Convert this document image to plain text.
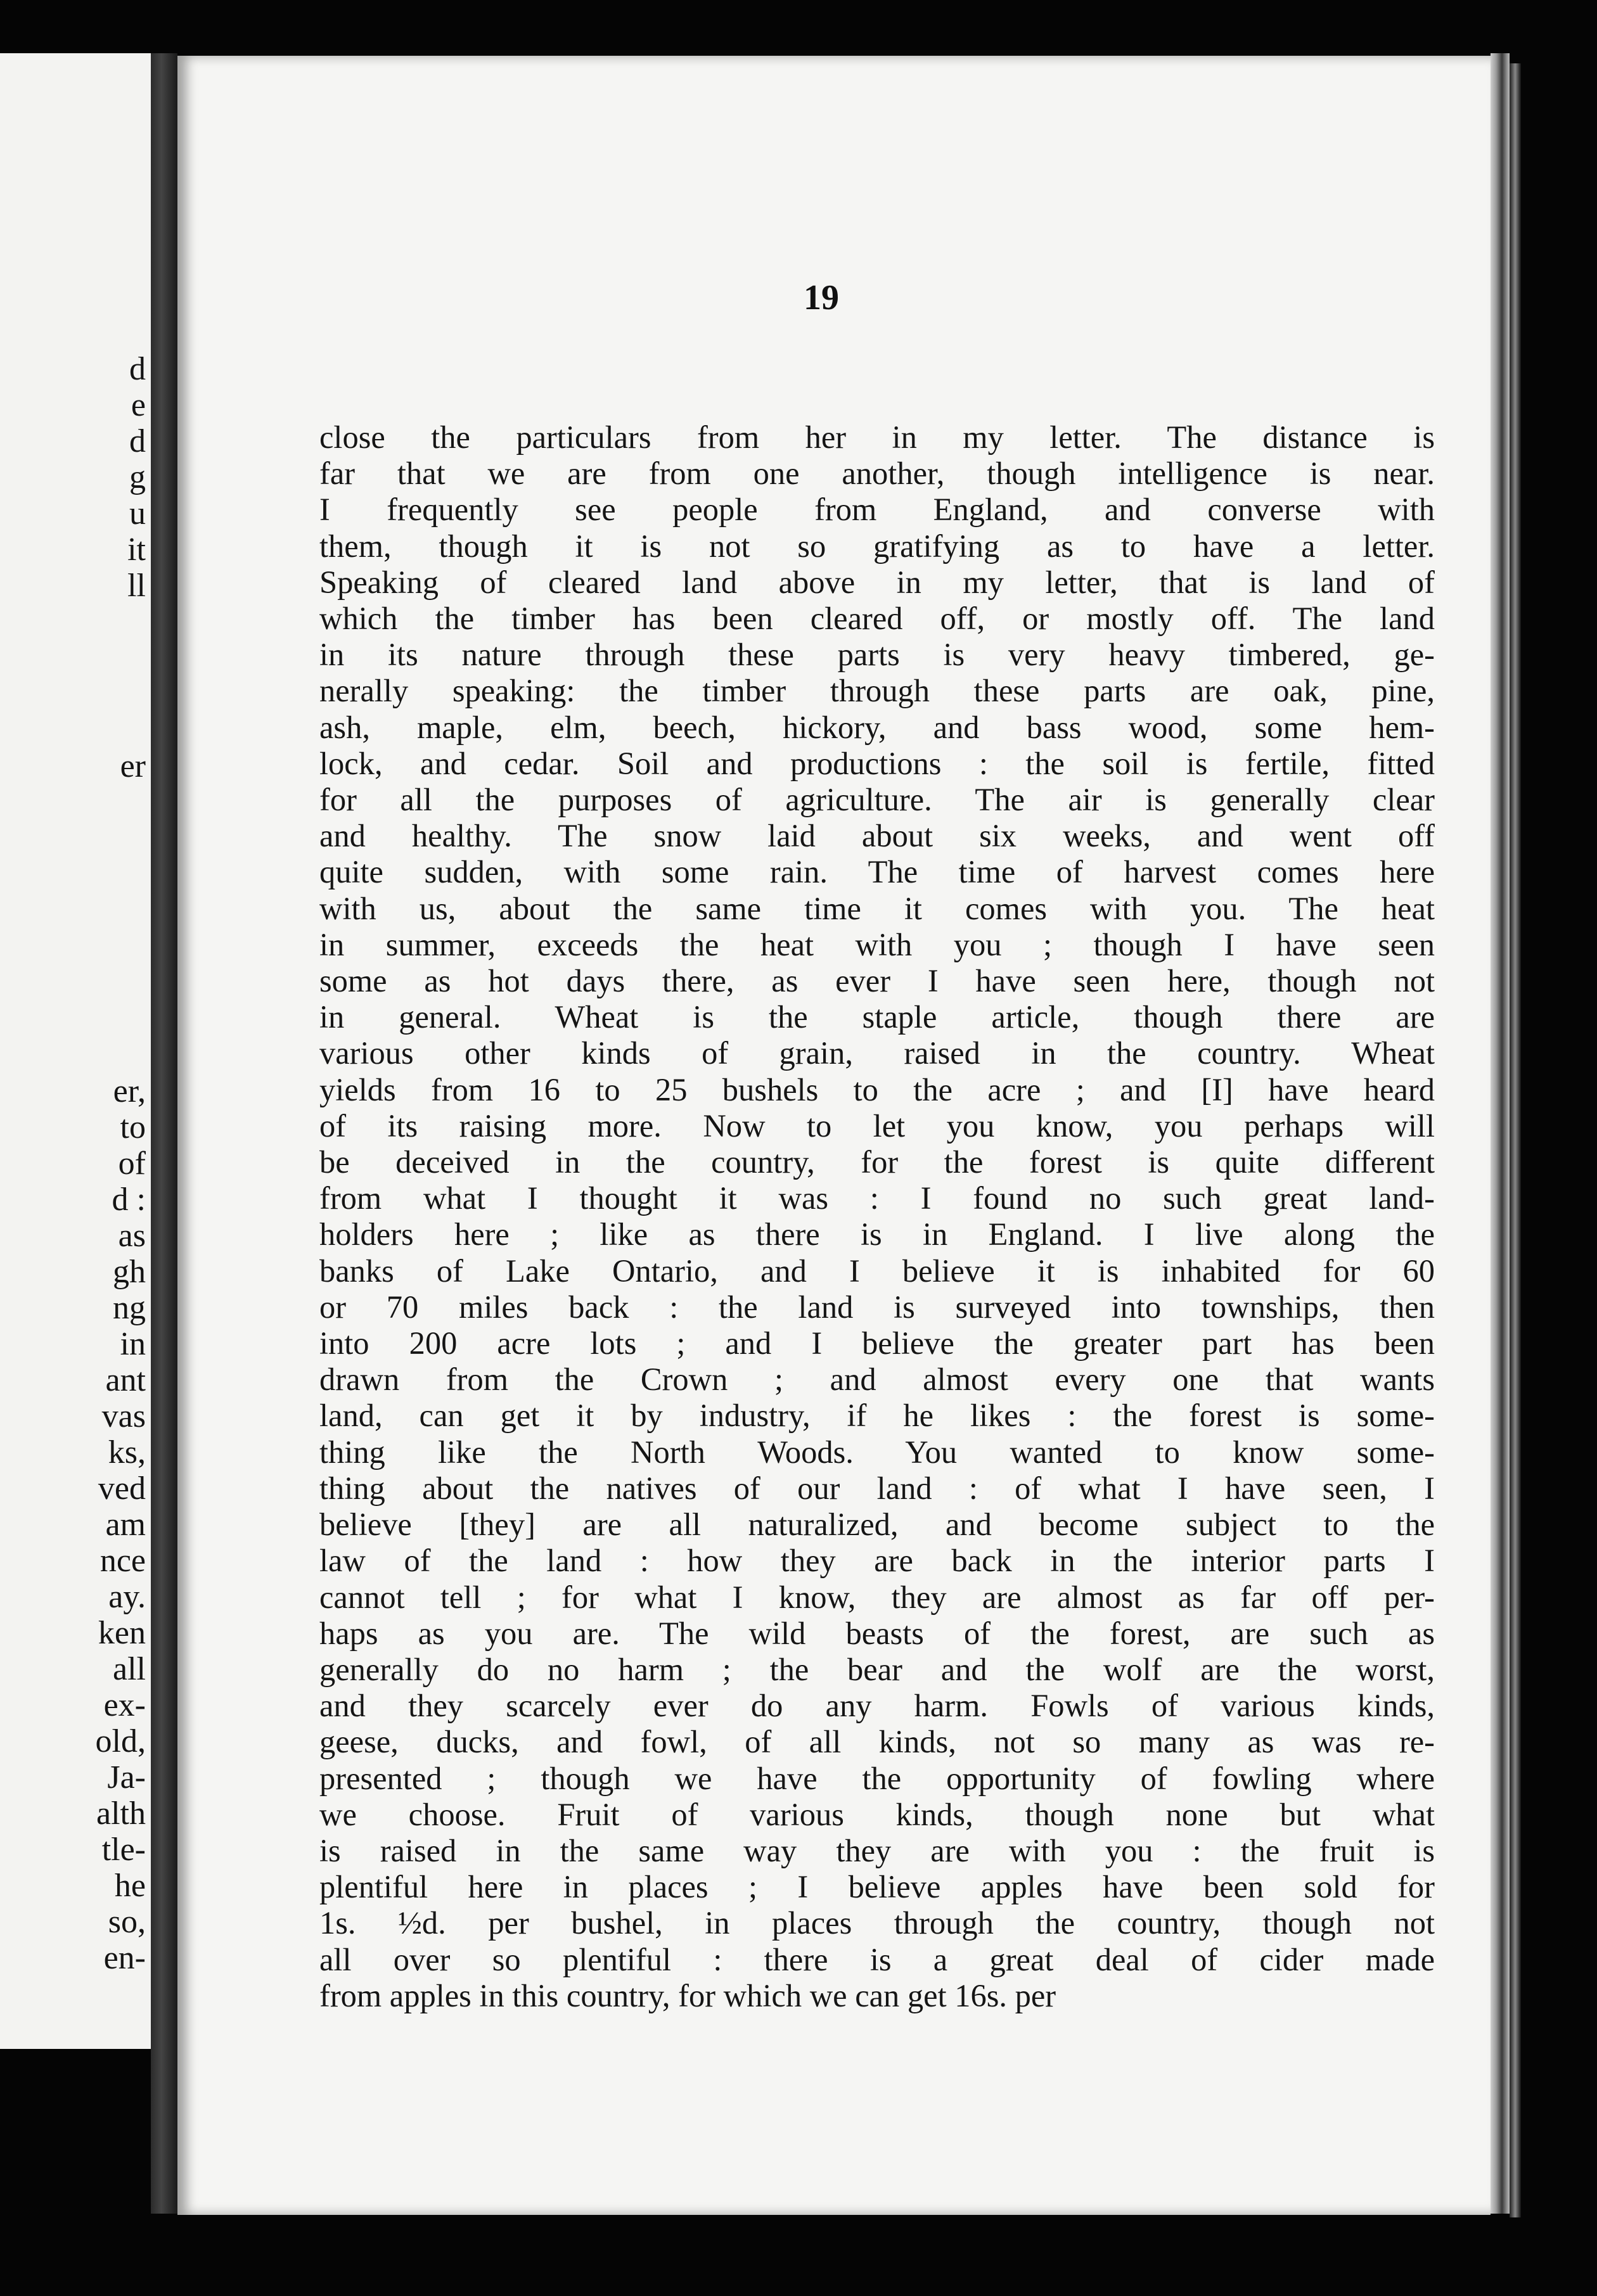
d
e
d
g
u
it
ll

er

er,
to
of
d :
as
gh
ng
in
ant
vas
ks,
ved
am
nce
ay.
ken
all
ex-
old,
Ja-
alth
tle-
he
so,
en-

19

close the particulars from her in my letter. The distance is
far that we are from one another, though intelligence is near.
I frequently see people from England, and converse with
them, though it is not so gratifying as to have a letter.
Speaking of cleared land above in my letter, that is land of
which the timber has been cleared off, or mostly off. The land
in its nature through these parts is very heavy timbered, ge-
nerally speaking: the timber through these parts are oak, pine,
ash, maple, elm, beech, hickory, and bass wood, some hem-
lock, and cedar. Soil and productions : the soil is fertile, fitted
for all the purposes of agriculture. The air is generally clear
and healthy. The snow laid about six weeks, and went off
quite sudden, with some rain. The time of harvest comes here
with us, about the same time it comes with you. The heat
in summer, exceeds the heat with you ; though I have seen
some as hot days there, as ever I have seen here, though not
in general. Wheat is the staple article, though there are
various other kinds of grain, raised in the country. Wheat
yields from 16 to 25 bushels to the acre ; and [I] have heard
of its raising more. Now to let you know, you perhaps will
be deceived in the country, for the forest is quite different
from what I thought it was : I found no such great land-
holders here ; like as there is in England. I live along the
banks of Lake Ontario, and I believe it is inhabited for 60
or 70 miles back : the land is surveyed into townships, then
into 200 acre lots ; and I believe the greater part has been
drawn from the Crown ; and almost every one that wants
land, can get it by industry, if he likes : the forest is some-
thing like the North Woods. You wanted to know some-
thing about the natives of our land : of what I have seen, I
believe [they] are all naturalized, and become subject to the
law of the land : how they are back in the interior parts I
cannot tell ; for what I know, they are almost as far off per-
haps as you are. The wild beasts of the forest, are such as
generally do no harm ; the bear and the wolf are the worst,
and they scarcely ever do any harm. Fowls of various kinds,
geese, ducks, and fowl, of all kinds, not so many as was re-
presented ; though we have the opportunity of fowling where
we choose. Fruit of various kinds, though none but what
is raised in the same way they are with you : the fruit is
plentiful here in places ; I believe apples have been sold for
1s. ½d. per bushel, in places through the country, though not
all over so plentiful : there is a great deal of cider made
from apples in this country, for which we can get 16s. per
